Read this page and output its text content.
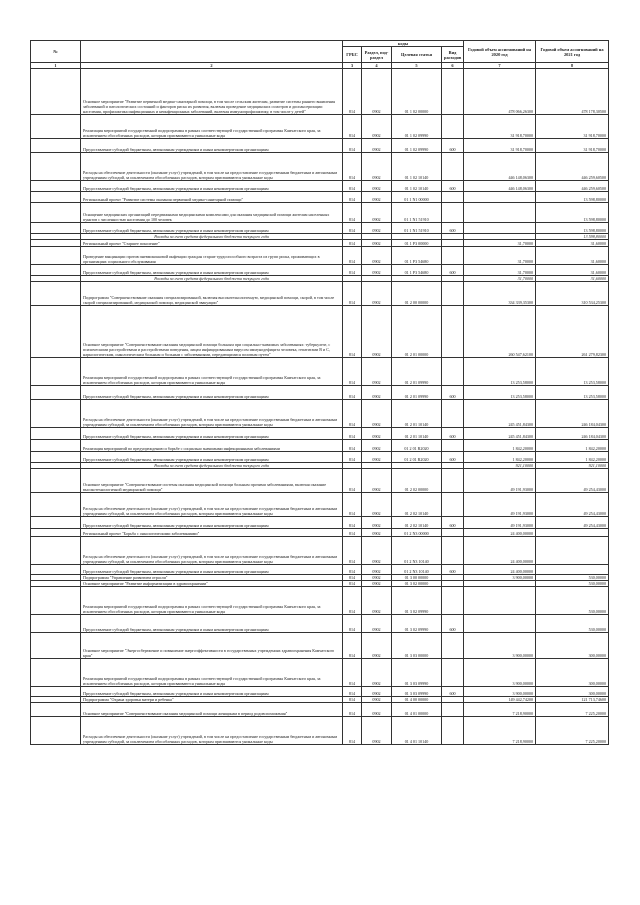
№		коды				Годовой объем ассигнований на 2020 год	Годовой объем ассигнований на 2021 год
		ГРБС	Раздел, под-раздел	Целевая статья	Вид расходов		
1	2	3	4	5	6	7	8
	Основное мероприятие "Развитие первичной медико-санитарной помощи, в том числе сельским жителям, развитие системы раннего выявления заболеваний и патологических состояний и факторов риска их развития, включая проведение медицинских осмотров и диспансеризации населения, профилактика инфекционных и неинфекционных заболеваний, включая иммунопрофилактику, в том числе у детей"	814	0902	01 1 02 00000		478 066,26300	478 178,30500
	Реализация мероприятий государственной подпрограммы в рамках соответствующей государственной программы Камчатского края, за исключением обособленных расходов, которым присваиваются уникальные коды	814	0902	01 1 02 09990		31 918,70000	31 918,70000
	Предоставление субсидий бюджетным, автономным учреждениям и иным некоммерческим организациям	814	0902	01 1 02 09990	600	31 918,70000	31 918,70000
	Расходы на обеспечение деятельности (оказание услуг) учреждений, в том числе на предоставление государственным бюджетным и автономным учреждениям субсидий, за исключением обособленных расходов, которым присваиваются уникальные коды	814	0902	01 1 02 10140		446 148,06300	446 259,60500
	Предоставление субсидий бюджетным, автономным учреждениям и иным некоммерческим организациям	814	0902	01 1 02 10140	600	446 148,06300	446 259,60500
	Региональный проект "Развитие системы оказания первичной медико-санитарной помощи"	814	0902	01 1 N1 00000			13 598,80000
	Оснащение медицинских организаций передвижными медицинскими комплексами для оказания медицинской помощи жителям населенных пунктов с численностью населения до 100 человек	814	0902	01 1 N1 51910			13 598,80000
	Предоставление субсидий бюджетным, автономным учреждениям и иным некоммерческим организациям	814	0902	01 1 N1 51910	600		13 598,80000
	Расходы за счет средств федерального бюджета текущего года						13 598,80000
	Региональный проект "Старшее поколение"	814	0902	01 1 P3 00000		31,70000	31,60000
	Проведение вакцинации против пневмококковой инфекции граждан старше трудоспособного возраста из групп риска, проживающих в организациях социального обслуживания	814	0902	01 1 P3 54680		31,70000	31,60000
	Предоставление субсидий бюджетным, автономным учреждениям и иным некоммерческим организациям	814	0902	01 1 P3 54680	600	31,70000	31,60000
	Расходы за счет средств федерального бюджета текущего года					31,70000	31,60000
	Подпрограмма "Совершенствование оказания специализированной, включая высокотехнологичную, медицинской помощи, скорой, в том числе скорой специализированной, медицинской помощи, медицинской эвакуации"	814	0902	01 2 00 00000		334 339,35300	310 534,25300
	Основное мероприятие "Совершенствование оказания медицинской помощи больным при социально-значимых заболеваниях: туберкулезе, с психическими расстройствами и расстройствами поведения, лицам инфицированным вирусом иммунодефицита человека, гепатитами В и С, наркологическим, онкологическим больным и больным с заболеваниями, передающимися половым путем"	814	0902	01 2 01 00000		260 547,62100	261 279,82300
	Реализация мероприятий государственной подпрограммы в рамках соответствующей государственной программы Камчатского края, за исключением обособленных расходов, которым присваиваются уникальные коды	814	0902	01 2 01 09990		13 253,58000	13 253,58000
	Предоставление субсидий бюджетным, автономным учреждениям и иным некоммерческим организациям	814	0902	01 2 01 09990	600	13 253,58000	13 253,58000
	Расходы на обеспечение деятельности (оказание услуг) учреждений, в том числе на предоставление государственным бюджетным и автономным учреждениям субсидий, за исключением обособленных расходов, которым присваиваются уникальные коды	814	0902	01 2 01 10140		245 451,84300	246 184,04300
	Предоставление субсидий бюджетным, автономным учреждениям и иным некоммерческим организациям	814	0902	01 2 01 10140	600	245 451,84300	246 184,04300
	Реализация мероприятий по предупреждению и борьбе с социально значимыми инфекционными заболеваниями	814	0902	01 2 01 R2020		1 842,20000	1 842,20000
	Предоставление субсидий бюджетным, автономным учреждениям и иным некоммерческим организациям	814	0902	01 2 01 R2020	600	1 842,20000	1 842,20000
	Расходы за счет средств федерального бюджета текущего года					921,10000	921,10000
	Основное мероприятие "Совершенствование системы оказания медицинской помощи больным прочими заболеваниями, включая оказание высокотехнологичной медицинской помощи"	814	0902	01 2 02 00000		49 191,93000	49 254,43000
	Расходы на обеспечение деятельности (оказание услуг) учреждений, в том числе на предоставление государственным бюджетным и автономным учреждениям субсидий, за исключением обособленных расходов, которым присваиваются уникальные коды	814	0902	01 2 02 10140		49 191,93000	49 254,43000
	Предоставление субсидий бюджетным, автономным учреждениям и иным некоммерческим организациям	814	0902	01 2 02 10140	600	49 191,93000	49 254,43000
	Региональный проект "Борьба с онкологическими заболеваниями"	814	0902	01 2 N3 00000		24 400,00000	
	Расходы на обеспечение деятельности (оказание услуг) учреждений, в том числе на предоставление государственным бюджетным и автономным учреждениям субсидий, за исключением обособленных расходов, которым присваиваются уникальные коды	814	0902	01 2 N3 10140		24 400,00000	
	Предоставление субсидий бюджетным, автономным учреждениям и иным некоммерческим организациям	814	0902	01 2 N3 10140	600	24 400,00000	
	Подпрограмма "Управление развитием отрасли"	814	0902	01 3 00 00000		3 900,00000	530,00000
	Основное мероприятие "Развитие информатизации в здравоохранении"	814	0902	01 3 02 00000			530,00000
	Реализация мероприятий государственной подпрограммы в рамках соответствующей государственной программы Камчатского края, за исключением обособленных расходов, которым присваиваются уникальные коды	814	0902	01 3 02 09990			530,00000
	Предоставление субсидий бюджетным, автономным учреждениям и иным некоммерческим организациям	814	0902	01 3 02 09990	600		530,00000
	Основное мероприятие "Энергосбережение и повышение энергоэффективности в государственных учреждениях здравоохранения Камчатского края"	814	0902	01 3 03 00000		3 900,00000	300,00000
	Реализация мероприятий государственной подпрограммы в рамках соответствующей государственной программы Камчатского края, за исключением обособленных расходов, которым присваиваются уникальные коды	814	0902	01 3 03 09990		3 900,00000	300,00000
	Предоставление субсидий бюджетным, автономным учреждениям и иным некоммерческим организациям	814	0902	01 3 03 09990	600	3 900,00000	300,00000
	Подпрограмма "Охрана здоровья матери и ребенка"	814	0902	01 4 00 00000		149 442,74200	121 713,74600
	Основное мероприятие "Совершенствование оказания медицинской помощи женщинам в период родовспоможения"	814	0902	01 4 01 00000		7 218,90000	7 225,20000
	Расходы на обеспечение деятельности (оказание услуг) учреждений, в том числе на предоставление государственным бюджетным и автономным учреждениям субсидий, за исключением обособленных расходов, которым присваиваются уникальные коды	814	0902	01 4 01 10140		7 218,90000	7 225,20000
